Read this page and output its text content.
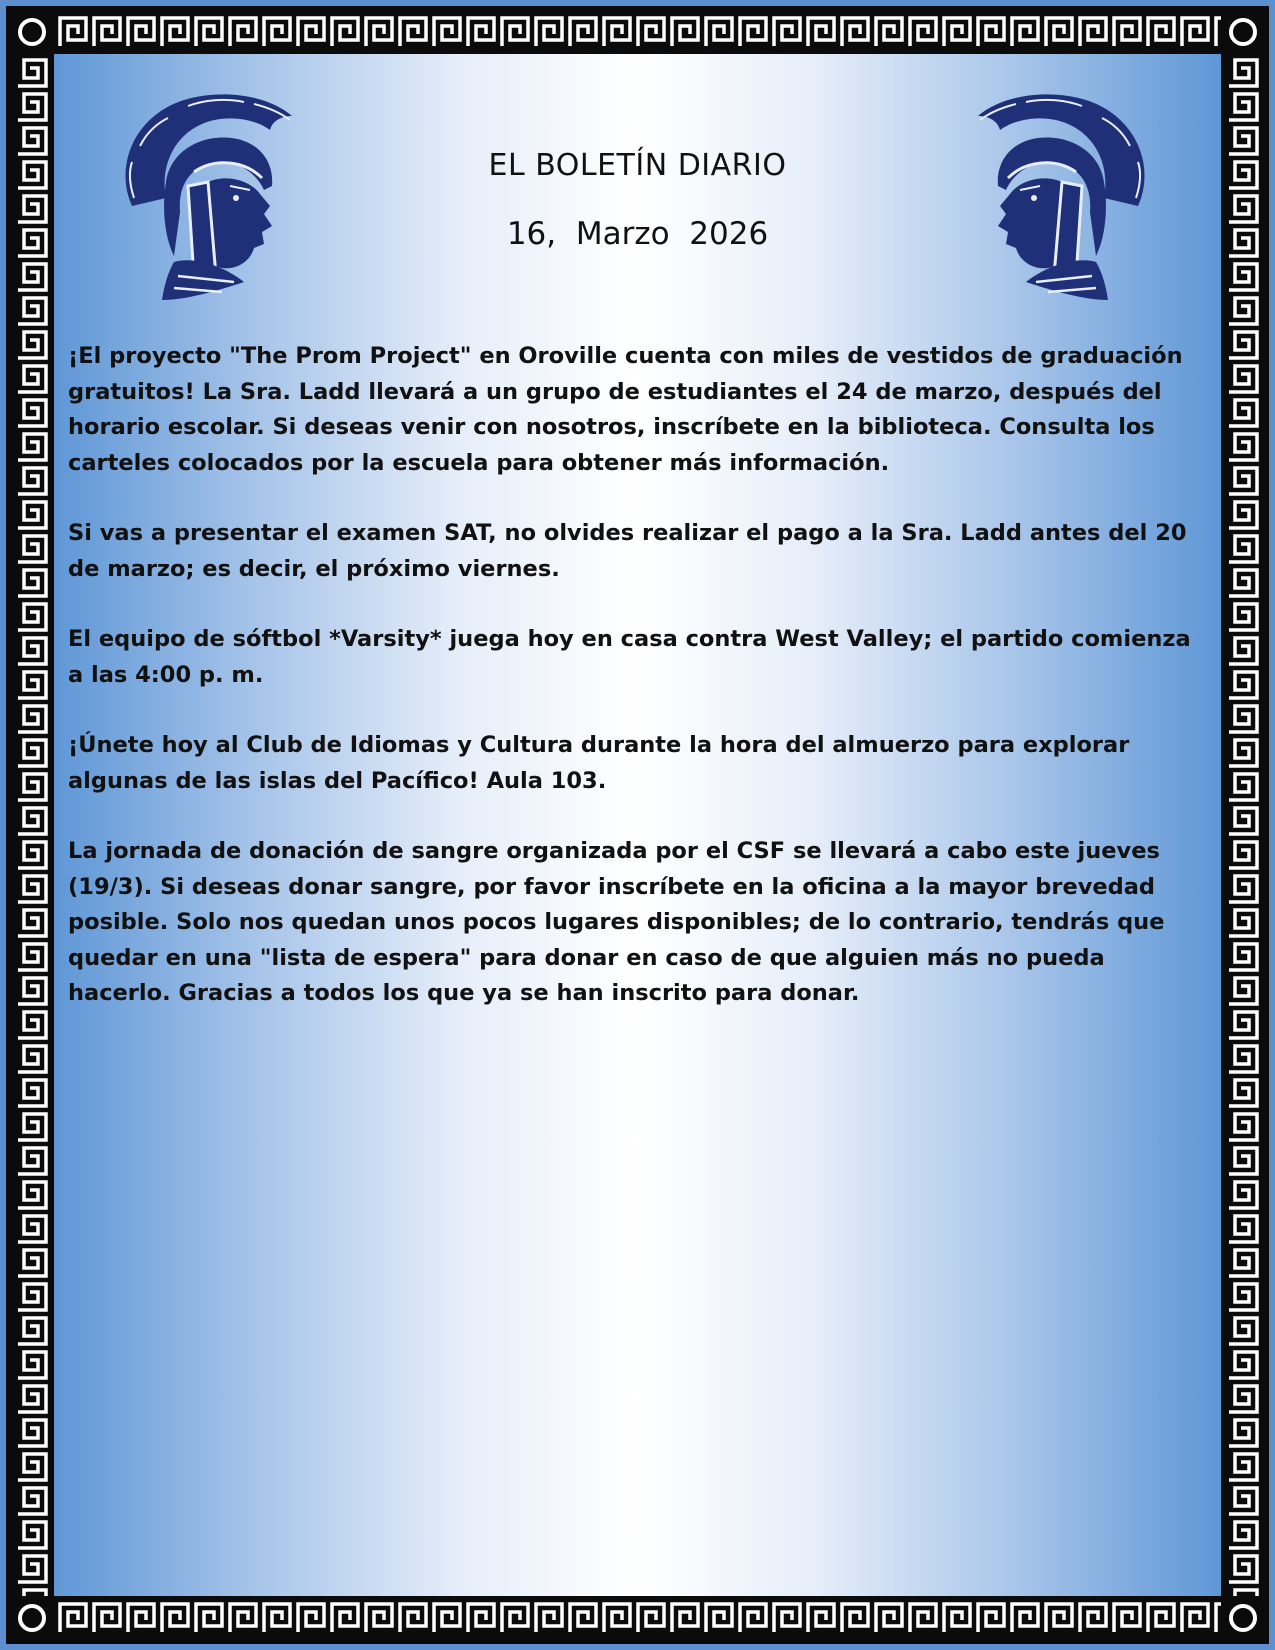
EL BOLETÍN DIARIO
16,  Marzo  2026

¡El proyecto "The Prom Project" en Oroville cuenta con miles de vestidos de graduación gratuitos! La Sra. Ladd llevará a un grupo de estudiantes el 24 de marzo, después del horario escolar. Si deseas venir con nosotros, inscríbete en la biblioteca. Consulta los carteles colocados por la escuela para obtener más información.

Si vas a presentar el examen SAT, no olvides realizar el pago a la Sra. Ladd antes del 20 de marzo; es decir, el próximo viernes.

El equipo de sóftbol *Varsity* juega hoy en casa contra West Valley; el partido comienza a las 4:00 p. m.

¡Únete hoy al Club de Idiomas y Cultura durante la hora del almuerzo para explorar algunas de las islas del Pacífico! Aula 103.

La jornada de donación de sangre organizada por el CSF se llevará a cabo este jueves (19/3). Si deseas donar sangre, por favor inscríbete en la oficina a la mayor brevedad posible. Solo nos quedan unos pocos lugares disponibles; de lo contrario, tendrás que quedar en una "lista de espera" para donar en caso de que alguien más no pueda hacerlo. Gracias a todos los que ya se han inscrito para donar.
